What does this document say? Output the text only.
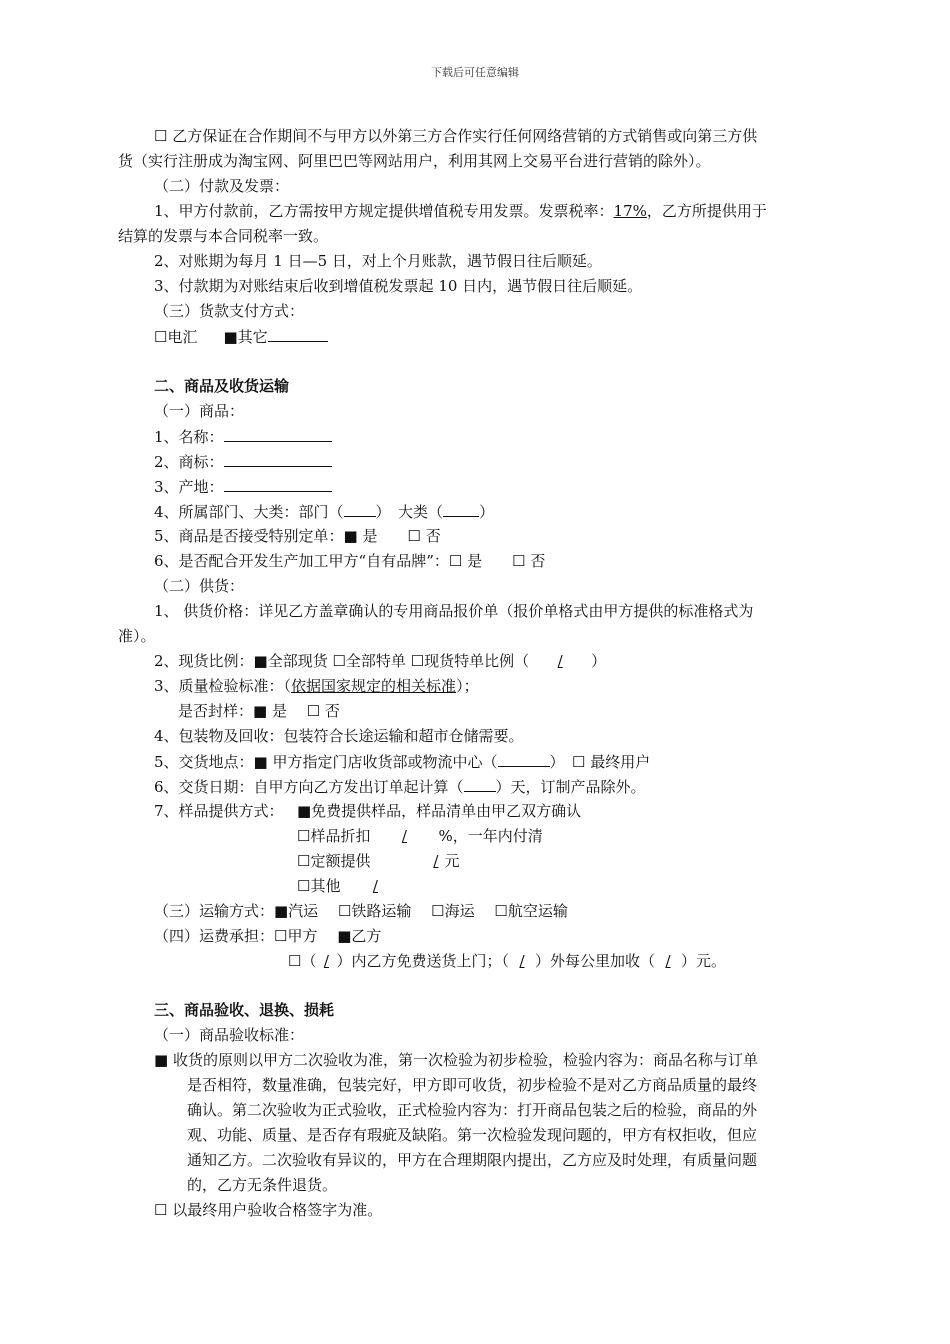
下载后可任意编辑
☐ 乙方保证在合作期间不与甲方以外第三方合作实行任何网络营销的方式销售或向第三方供
货（实行注册成为淘宝网、阿里巴巴等网站用户，利用其网上交易平台进行营销的除外）。
（二）付款及发票：
1、甲方付款前，乙方需按甲方规定提供增值税专用发票。发票税率：17%，乙方所提供用于
结算的发票与本合同税率一致。
2、对账期为每月 1 日—5 日，对上个月账款，遇节假日往后顺延。
3、付款期为对账结束后收到增值税发票起 10 日内，遇节假日往后顺延。
（三）货款支付方式：
☐电汇 ■其它
二、商品及收货运输
（一）商品：
1、名称：
2、商标：
3、产地：
4、所属部门、大类：部门（ ）　大类（ ）
5、商品是否接受特别定单：■ 是　　☐ 否
6、是否配合开发生产加工甲方“自有品牌”：☐ 是　　☐ 否
（二）供货：
1、 供货价格：详见乙方盖章确认的专用商品报价单（报价单格式由甲方提供的标准格式为
准）。
2、现货比例：■全部现货 ☐全部特单 ☐现货特单比例（ / ）
3、质量检验标准：（依据国家规定的相关标准）；
是否封样：■ 是　 ☐ 否
4、包装物及回收：包装符合长途运输和超市仓储需要。
5、交货地点：■ 甲方指定门店收货部或物流中心（	）　☐ 最终用户
6、交货日期：自甲方向乙方发出订单起计算（ ）天，订制产品除外。
7、样品提供方式： ■免费提供样品，样品清单由甲乙双方确认
☐样品折扣 / %，一年内付清
☐定额提供	/ 元
☐其他 /
（三）运输方式：■汽运　 ☐铁路运输　 ☐海运　 ☐航空运输
（四）运费承担：☐甲方　 ■乙方
☐（ / ）内乙方免费送货上门；（ / ）外每公里加收（ / ）元。
三、商品验收、退换、损耗
（一）商品验收标准：
■ 收货的原则以甲方二次验收为准，第一次检验为初步检验，检验内容为：商品名称与订单
是否相符，数量准确，包装完好，甲方即可收货，初步检验不是对乙方商品质量的最终
确认。第二次验收为正式验收，正式检验内容为：打开商品包装之后的检验，商品的外
观、功能、质量、是否存有瑕疵及缺陷。第一次检验发现问题的，甲方有权拒收，但应
通知乙方。二次验收有异议的，甲方在合理期限内提出，乙方应及时处理，有质量问题
的，乙方无条件退货。
☐ 以最终用户验收合格签字为准。
